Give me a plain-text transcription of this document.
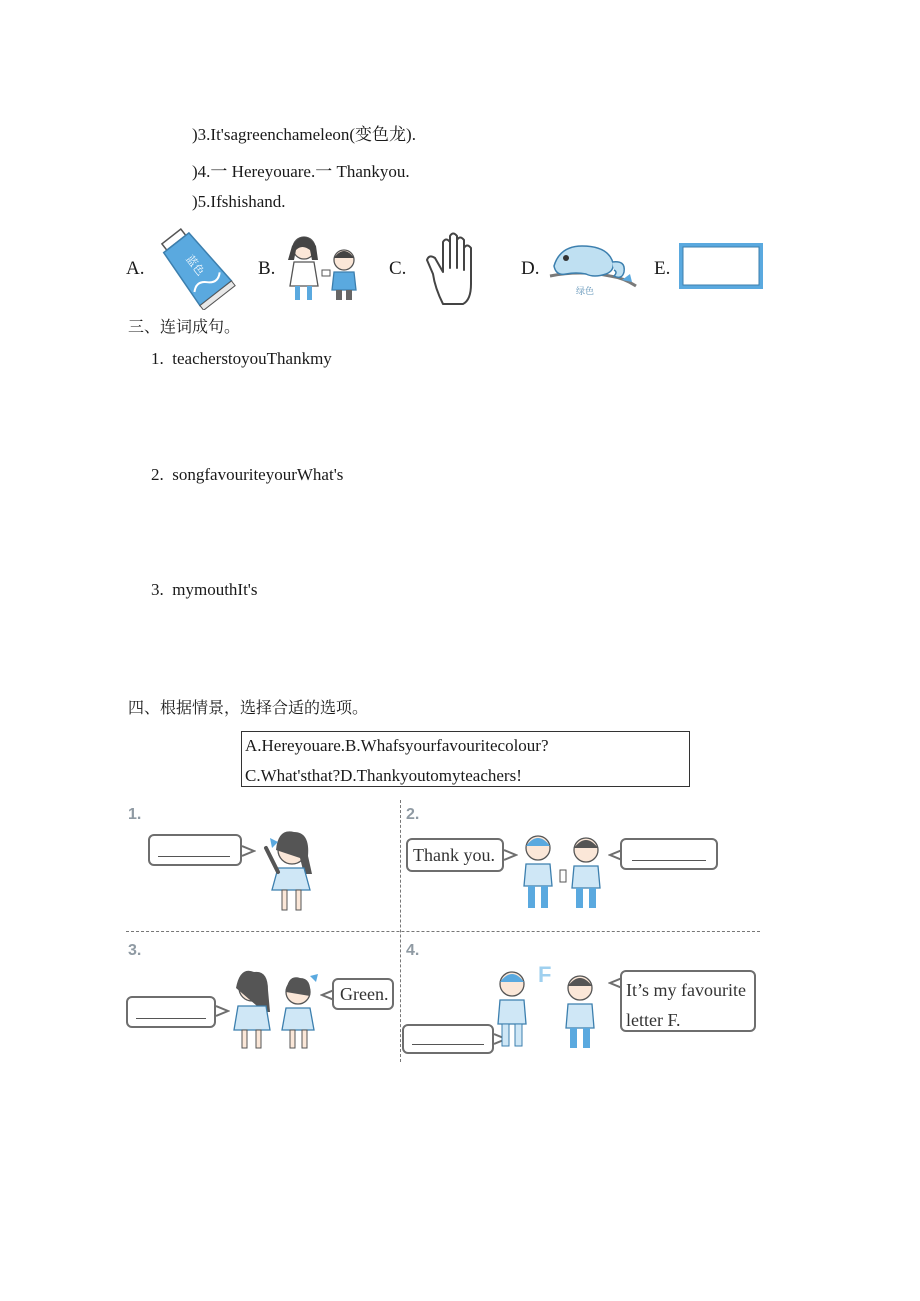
)3.It'sagreenchameleon(变色龙).
)4.一 Hereyouare.一 Thankyou.
)5.Ifshishand.
A.	蓝色	B.	C.	D.
绿色
E.
三、连词成句。
1. teacherstoyouThankmy
2. songfavouriteyourWhat's
3. mymouthIt's
四、根据情景，选择合适的选项。
A.Hereyouare.B.Whafsyourfavouritecolour?
C.What'sthat?D.Thankyoutomyteachers!
1.	2.
Thank you.
3.
Green.
4.
F
It’s my favourite
letter F.
